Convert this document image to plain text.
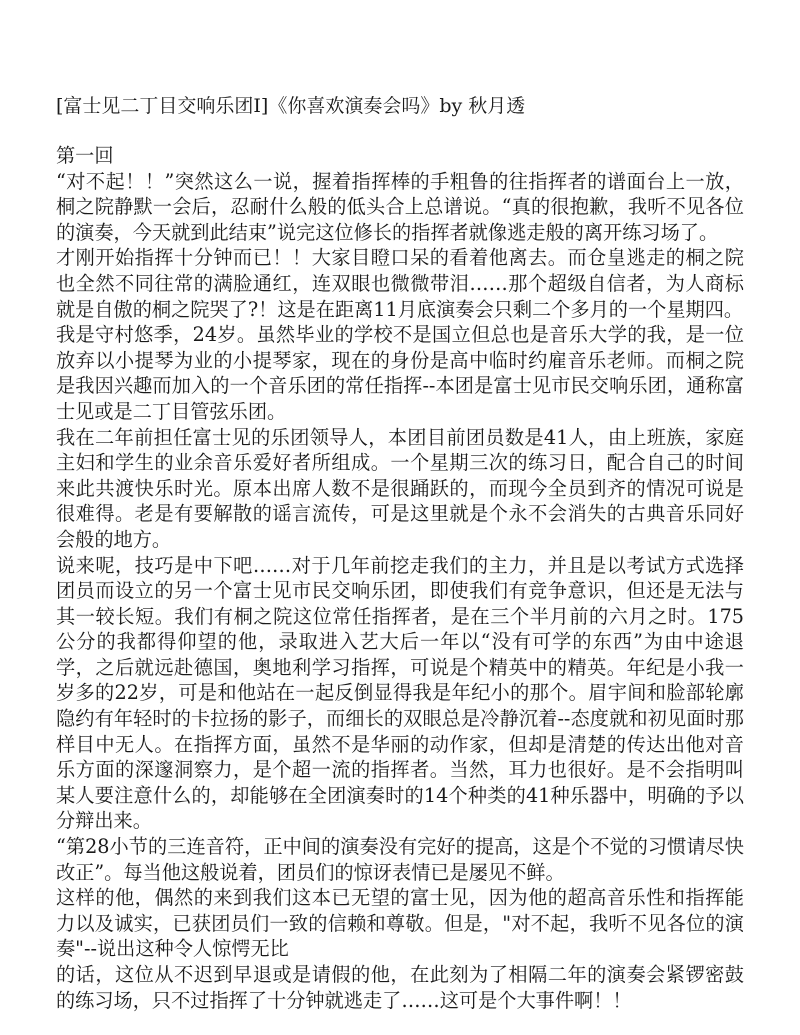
[富士见二丁目交响乐团Ⅰ]《你喜欢演奏会吗》by 秋月透

第一回

“对不起！！”突然这么一说，握着指挥棒的手粗鲁的往指挥者的谱面台上一放，桐之院静默一会后，忍耐什么般的低头合上总谱说。“真的很抱歉，我听不见各位的演奏，今天就到此结束”说完这位修长的指挥者就像逃走般的离开练习场了。

才刚开始指挥十分钟而已！！大家目瞪口呆的看着他离去。而仓皇逃走的桐之院也全然不同往常的满脸通红，连双眼也微微带泪……那个超级自信者，为人商标就是自傲的桐之院哭了?！这是在距离11月底演奏会只剩二个多月的一个星期四。

我是守村悠季，24岁。虽然毕业的学校不是国立但总也是音乐大学的我，是一位放弃以小提琴为业的小提琴家，现在的身份是高中临时约雇音乐老师。而桐之院是我因兴趣而加入的一个音乐团的常任指挥--本团是富士见市民交响乐团，通称富士见或是二丁目管弦乐团。

我在二年前担任富士见的乐团领导人，本团目前团员数是41人，由上班族，家庭主妇和学生的业余音乐爱好者所组成。一个星期三次的练习日，配合自己的时间来此共渡快乐时光。原本出席人数不是很踊跃的，而现今全员到齐的情况可说是很难得。老是有要解散的谣言流传，可是这里就是个永不会消失的古典音乐同好会般的地方。

说来呢，技巧是中下吧……对于几年前挖走我们的主力，并且是以考试方式选择团员而设立的另一个富士见市民交响乐团，即使我们有竞争意识，但还是无法与其一较长短。我们有桐之院这位常任指挥者，是在三个半月前的六月之时。175公分的我都得仰望的他，录取进入艺大后一年以“没有可学的东西”为由中途退学，之后就远赴德国，奥地利学习指挥，可说是个精英中的精英。年纪是小我一岁多的22岁，可是和他站在一起反倒显得我是年纪小的那个。眉宇间和脸部轮廓隐约有年轻时的卡拉扬的影子，而细长的双眼总是冷静沉着--态度就和初见面时那样目中无人。在指挥方面，虽然不是华丽的动作家，但却是清楚的传达出他对音乐方面的深邃洞察力，是个超一流的指挥者。当然，耳力也很好。是不会指明叫某人要注意什么的，却能够在全团演奏时的14个种类的41种乐器中，明确的予以分辩出来。

“第28小节的三连音符，正中间的演奏没有完好的提高，这是个不觉的习惯请尽快改正”。每当他这般说着，团员们的惊讶表情已是屡见不鲜。

这样的他，偶然的来到我们这本已无望的富士见，因为他的超高音乐性和指挥能力以及诚实，已获团员们一致的信赖和尊敬。但是，"对不起，我听不见各位的演奏"--说出这种令人惊愕无比

的话，这位从不迟到早退或是请假的他，在此刻为了相隔二年的演奏会紧锣密鼓的练习场，只不过指挥了十分钟就逃走了……这可是个大事件啊！！
